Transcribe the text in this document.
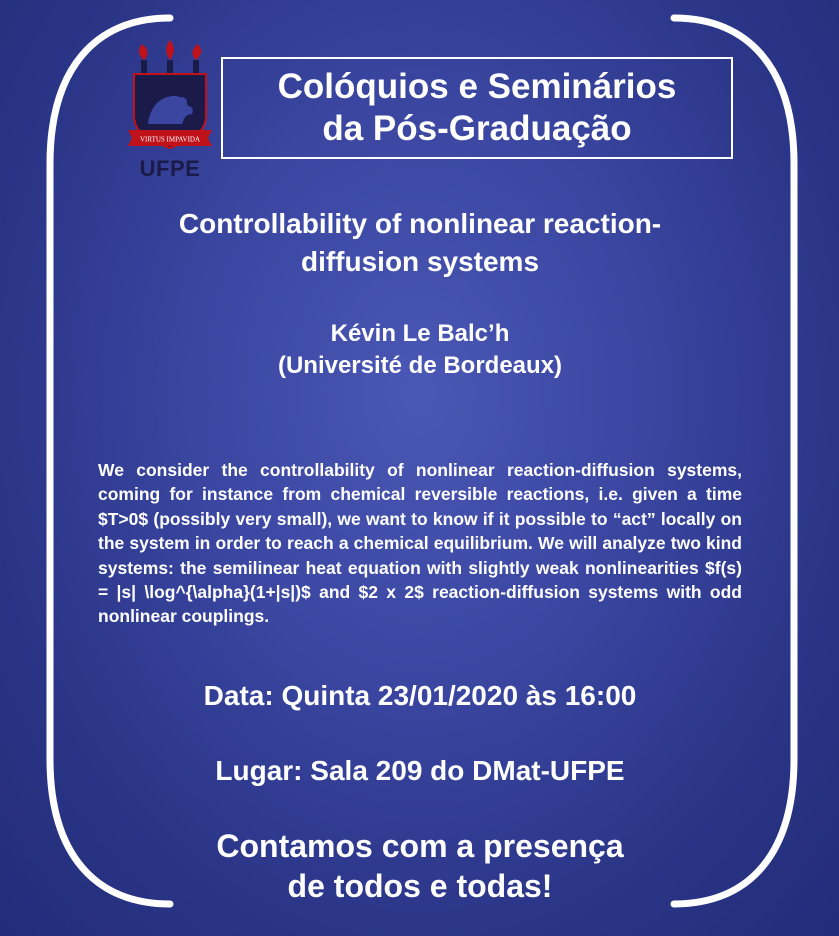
VIRTUS IMPAVIDA
UFPE
Colóquios e Seminários
da Pós-Graduação
Controllability of nonlinear reaction-
diffusion systems
Kévin Le Balc’h
(Université de Bordeaux)
We consider the controllability of nonlinear reaction-diffusion systems, coming for instance from chemical reversible reactions, i.e. given a time $T>0$ (possibly very small), we want to know if it possible to “act” locally on the system in order to reach a chemical equilibrium. We will analyze two kind systems: the semilinear heat equation with slightly weak nonlinearities $f(s) = |s| \log^{\alpha}(1+|s|)$ and $2 x 2$ reaction-diffusion systems with odd nonlinear couplings.
Data: Quinta 23/01/2020 às 16:00
Lugar: Sala 209 do DMat-UFPE
Contamos com a presença
de todos e todas!
